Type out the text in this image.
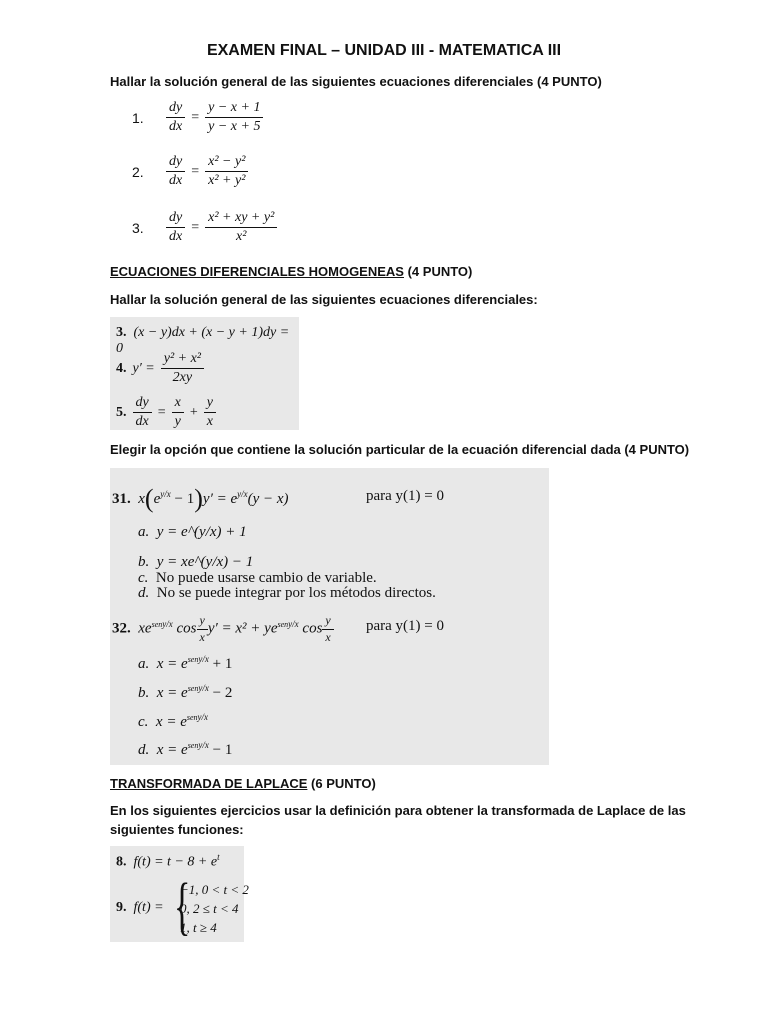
EXAMEN FINAL – UNIDAD III - MATEMATICA III
Hallar la solución general de las siguientes ecuaciones diferenciales (4 PUNTO)
1.	$\frac{dy}{dx} = \frac{y - x + 1}{y - x + 5}$
2.	$\frac{dy}{dx} = \frac{\text{x² − y²}}{\text{x² + y²}}$
3.	$\frac{dy}{dx} = \frac{\text{x² + xy + y²}}{\text{x²}}$
ECUACIONES DIFERENCIALES HOMOGENEAS (4 PUNTO)
Hallar la solución general de las siguientes ecuaciones diferenciales:
3. (x − y)dx + (x − y + 1)dy = 0
4. $y' = \frac{\text{y² + x²}}{2xy}$
5. $\frac{dy}{dx} = \frac{x}{y} + \frac{y}{x}$
Elegir la opción que contiene la solución particular de la ecuación diferencial dada (4 PUNTO)
31.  $x(e^{y/x} - 1)y' = e^{y/x}(y - x)$	para y(1) = 0
a. y = e^(y/x) + 1
b. y = xe^(y/x) − 1
c. No puede usarse cambio de variable.
d. No se puede integrar por los métodos directos.
32.  $xe^{seny/x}$ $\cos \frac{y}{x} y' = x^2 + ye^{seny/x}$ $\cos \frac{y}{x}$ para y(1) = 0
a.  $x = e^{seny/x} + 1$
b.  $x = e^{seny/x} - 2$
c.  $x = e^{seny/x}$
d.  $x = e^{seny/x} - 1$
TRANSFORMADA DE LAPLACE (6 PUNTO)
En los siguientes ejercicios usar la definición para obtener la transformada de Laplace de las
siguientes funciones:
8. $f(t) = t - 8 + e^t$
9. f(t) = {
−1, 0 < t < 2
0, 2 ≤ t < 4
1, t ≥ 4
